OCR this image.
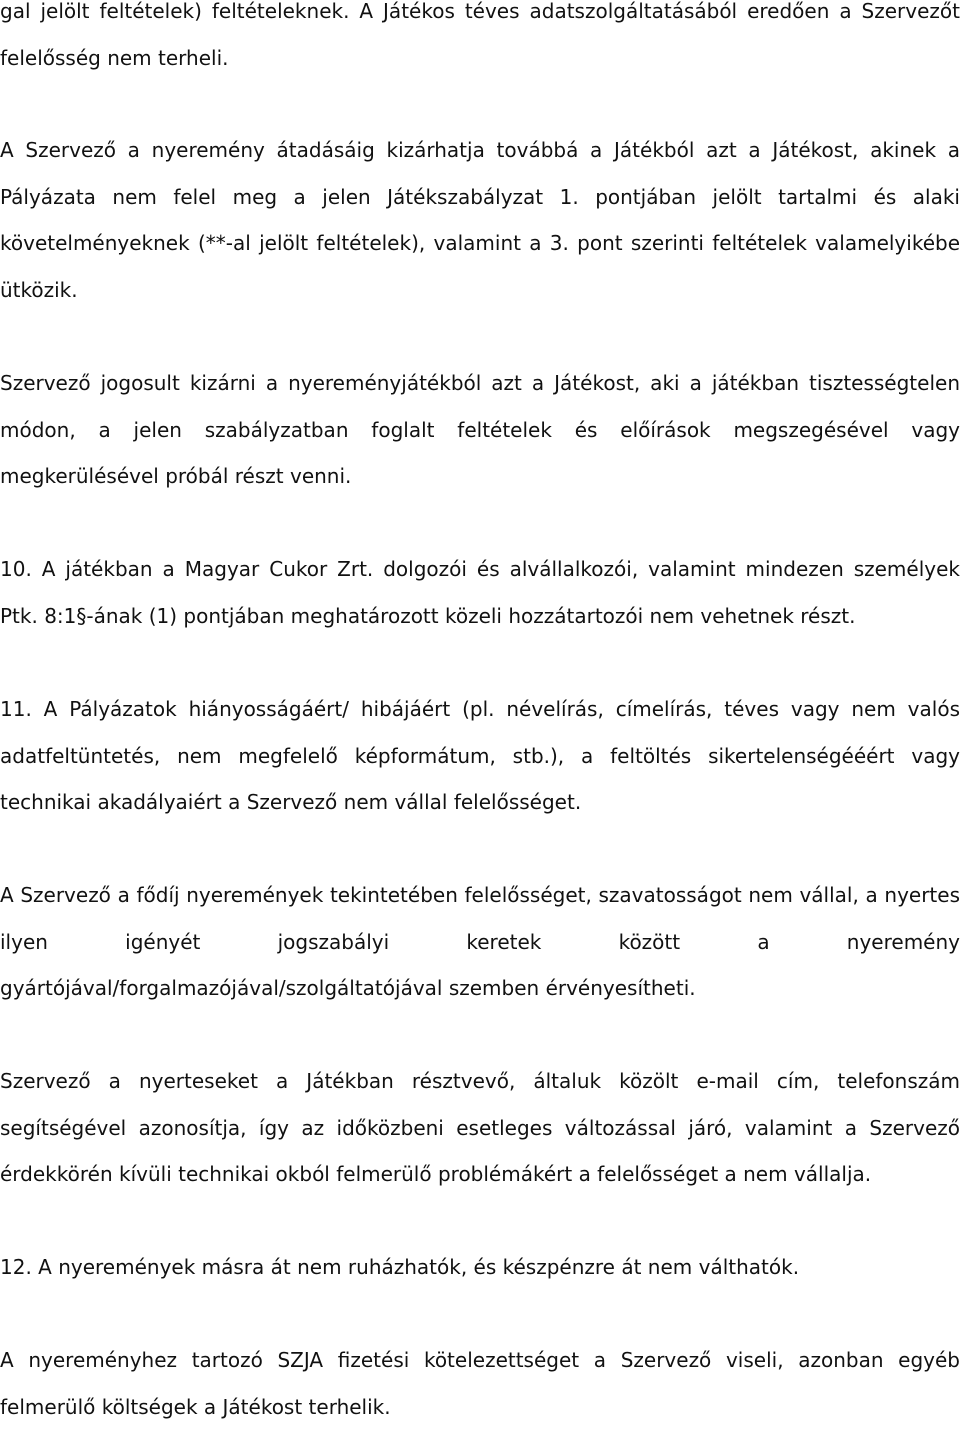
gal jelölt feltételek) feltételeknek. A Játékos téves adatszolgáltatásából eredően a Szervezőt felelősség nem terheli.

A Szervező a nyeremény átadásáig kizárhatja továbbá a Játékból azt a Játékost, akinek a Pályázata nem felel meg a jelen Játékszabályzat 1. pontjában jelölt tartalmi és alaki követelményeknek (**-al jelölt feltételek), valamint a 3. pont szerinti feltételek valamelyikébe ütközik.

Szervező jogosult kizárni a nyereményjátékból azt a Játékost, aki a játékban tisztességtelen módon, a jelen szabályzatban foglalt feltételek és előírások megszegésével vagy megkerülésével próbál részt venni.

10. A játékban a Magyar Cukor Zrt. dolgozói és alvállalkozói, valamint mindezen személyek Ptk. 8:1§-ának (1) pontjában meghatározott közeli hozzátartozói nem vehetnek részt.

11. A Pályázatok hiányosságáért/ hibájáért (pl. névelírás, címelírás, téves vagy nem valós adatfeltüntetés, nem megfelelő képformátum, stb.), a feltöltés sikertelenségééért vagy technikai akadályaiért a Szervező nem vállal felelősséget.

A Szervező a fődíj nyeremények tekintetében felelősséget, szavatosságot nem vállal, a nyertes ilyen igényét jogszabályi keretek között a nyeremény gyártójával/forgalmazójával/szolgáltatójával szemben érvényesítheti.

Szervező a nyerteseket a Játékban résztvevő, általuk közölt e-mail cím, telefonszám segítségével azonosítja, így az időközbeni esetleges változással járó, valamint a Szervező érdekkörén kívüli technikai okból felmerülő problémákért a felelősséget a nem vállalja.

12. A nyeremények másra át nem ruházhatók, és készpénzre át nem válthatók.

A nyereményhez tartozó SZJA fizetési kötelezettséget a Szervező viseli, azonban egyéb felmerülő költségek a Játékost terhelik.
